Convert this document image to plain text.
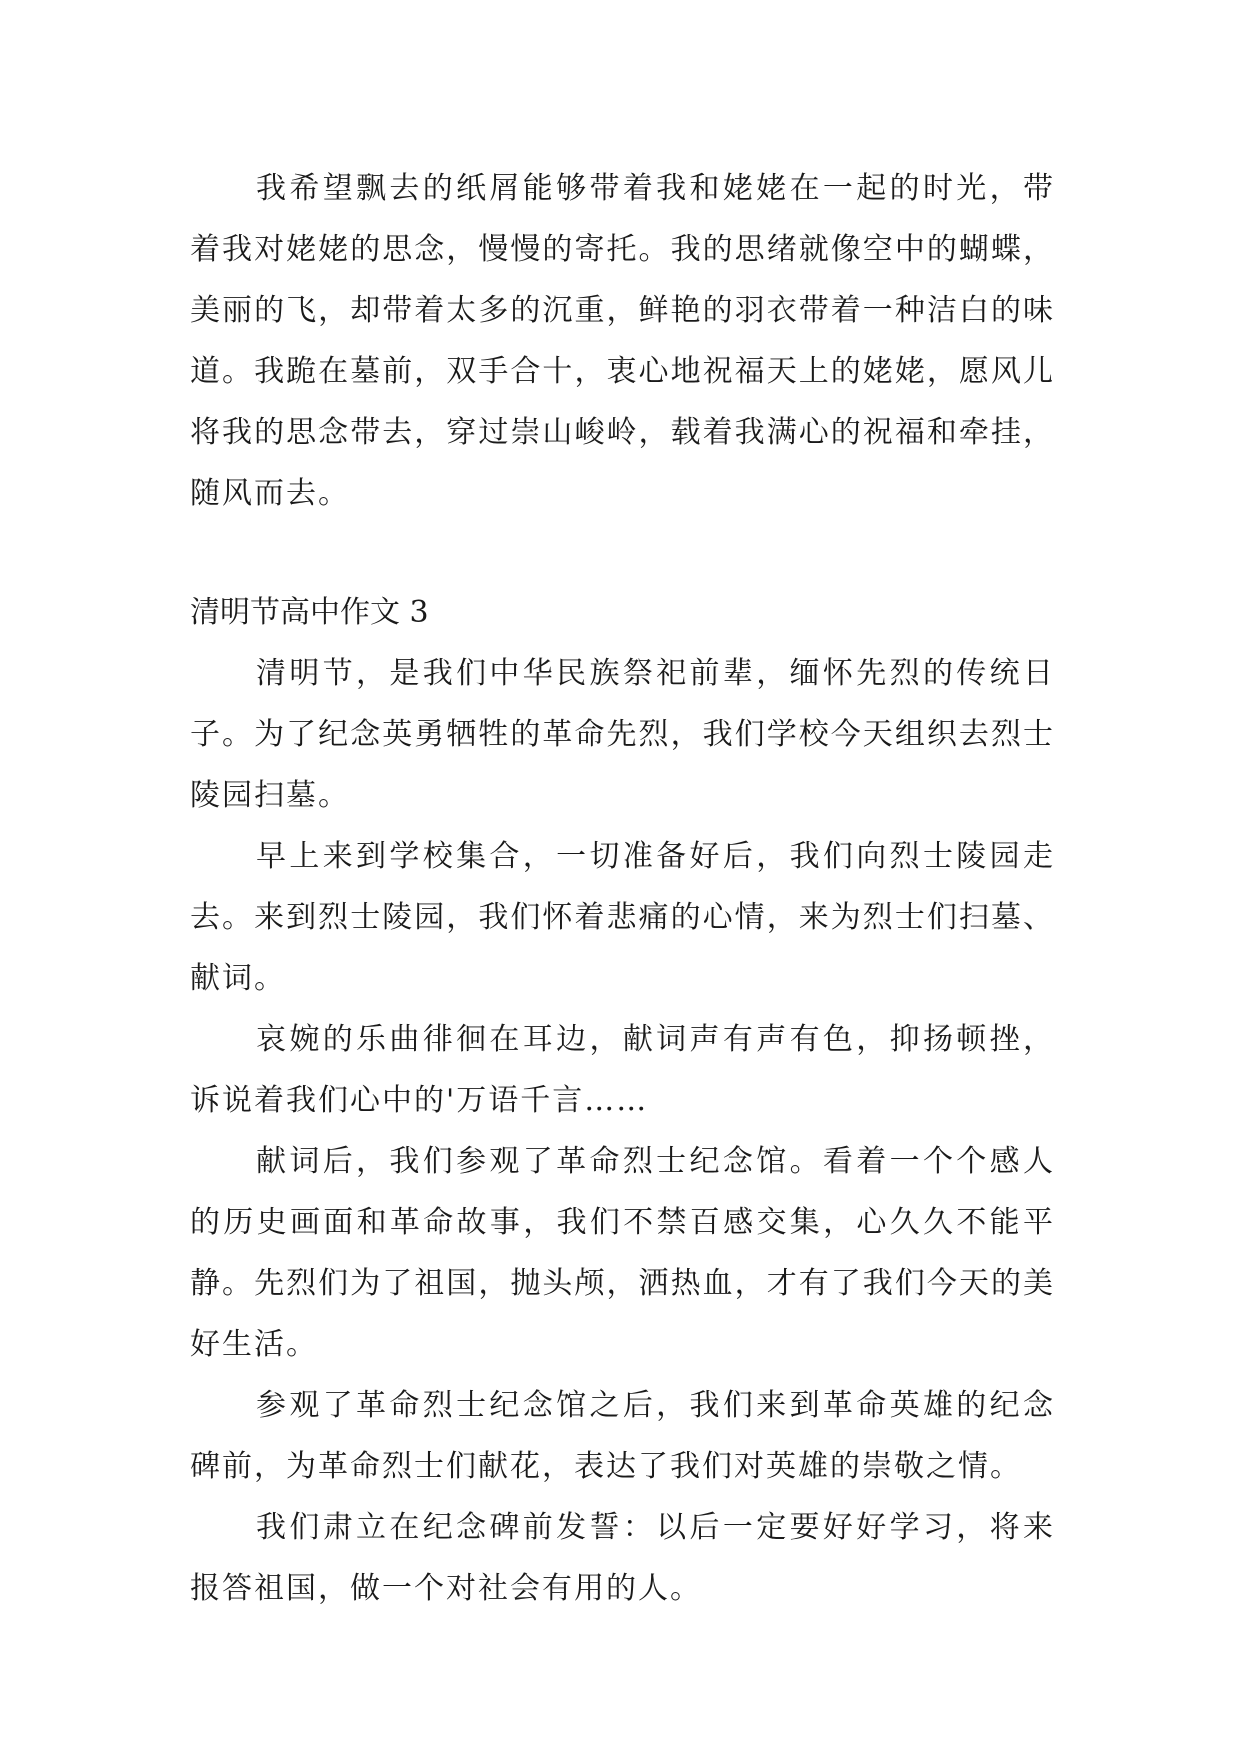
我希望飘去的纸屑能够带着我和姥姥在一起的时光，带着我对姥姥的思念，慢慢的寄托。我的思绪就像空中的蝴蝶，美丽的飞，却带着太多的沉重，鲜艳的羽衣带着一种洁白的味道。我跪在墓前，双手合十，衷心地祝福天上的姥姥，愿风儿将我的思念带去，穿过崇山峻岭，载着我满心的祝福和牵挂，随风而去。

清明节高中作文 3

清明节，是我们中华民族祭祀前辈，缅怀先烈的传统日子。为了纪念英勇牺牲的革命先烈，我们学校今天组织去烈士陵园扫墓。

早上来到学校集合，一切准备好后，我们向烈士陵园走去。来到烈士陵园，我们怀着悲痛的心情，来为烈士们扫墓、献词。

哀婉的乐曲徘徊在耳边，献词声有声有色，抑扬顿挫，诉说着我们心中的'万语千言……

献词后，我们参观了革命烈士纪念馆。看着一个个感人的历史画面和革命故事，我们不禁百感交集，心久久不能平静。先烈们为了祖国，抛头颅，洒热血，才有了我们今天的美好生活。

参观了革命烈士纪念馆之后，我们来到革命英雄的纪念碑前，为革命烈士们献花，表达了我们对英雄的崇敬之情。

我们肃立在纪念碑前发誓：以后一定要好好学习，将来报答祖国，做一个对社会有用的人。
